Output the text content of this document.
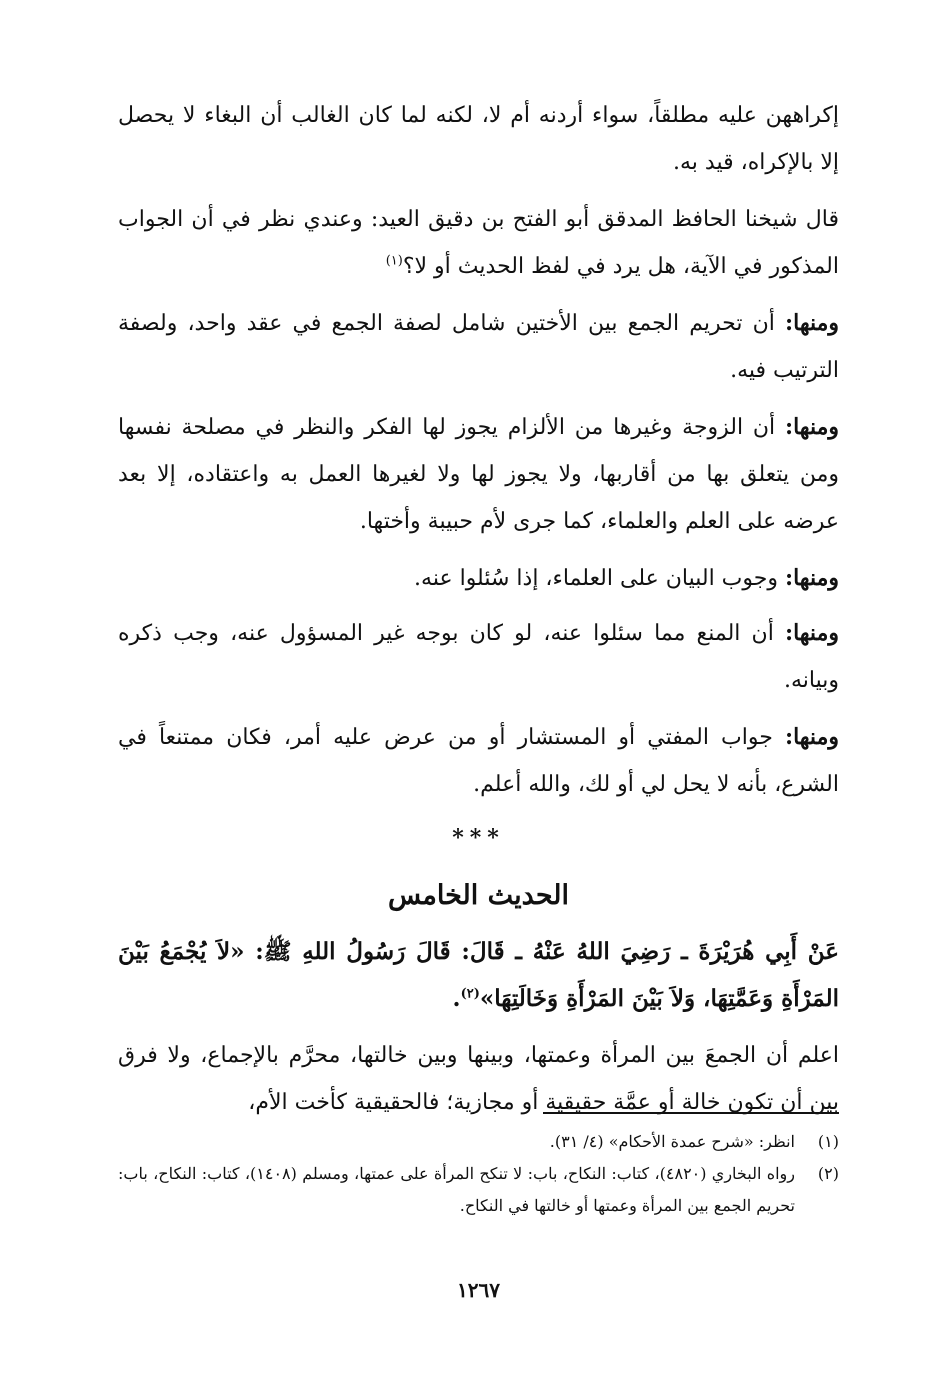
إكراههن عليه مطلقاً، سواء أردنه أم لا، لكنه لما كان الغالب أن البغاء لا يحصل إلا بالإكراه، قيد به.

قال شيخنا الحافظ المدقق أبو الفتح بن دقيق العيد: وعندي نظر في أن الجواب المذكور في الآية، هل يرد في لفظ الحديث أو لا؟$^{(١)}$

ومنها: أن تحريم الجمع بين الأختين شامل لصفة الجمع في عقد واحد، ولصفة الترتيب فيه.

ومنها: أن الزوجة وغيرها من الألزام يجوز لها الفكر والنظر في مصلحة نفسها ومن يتعلق بها من أقاربها، ولا يجوز لها ولا لغيرها العمل به واعتقاده، إلا بعد عرضه على العلم والعلماء، كما جرى لأم حبيبة وأختها.

ومنها: وجوب البيان على العلماء، إذا سُئلوا عنه.

ومنها: أن المنع مما سئلوا عنه، لو كان بوجه غير المسؤول عنه، وجب ذكره وبيانه.

ومنها: جواب المفتي أو المستشار أو من عرض عليه أمر، فكان ممتنعاً في الشرع، بأنه لا يحل لي أو لك، والله أعلم.

***
الحديث الخامس

عَنْ أَبِي هُرَيْرَةَ ـ رَضِيَ اللهُ عَنْهُ ـ قَالَ: قَالَ رَسُولُ اللهِ ﷺ: «لاَ يُجْمَعُ بَيْنَ المَرْأَةِ وَعَمَّتِهَا، وَلاَ بَيْنَ المَرْأَةِ وَخَالَتِهَا»$^{(٢)}$.

اعلم أن الجمعَ بين المرأة وعمتها، وبينها وبين خالتها، محرَّم بالإجماع، ولا فرق بين أن تكون خالة أو عمَّة حقيقية أو مجازية؛ فالحقيقية كأخت الأم،

(١)
انظر: «شرح عمدة الأحكام» (٤/ ٣١).
(٢)
رواه البخاري (٤٨٢٠)، كتاب: النكاح، باب: لا تنكح المرأة على عمتها، ومسلم (١٤٠٨)، كتاب: النكاح، باب: تحريم الجمع بين المرأة وعمتها أو خالتها في النكاح.
١٢٦٧
